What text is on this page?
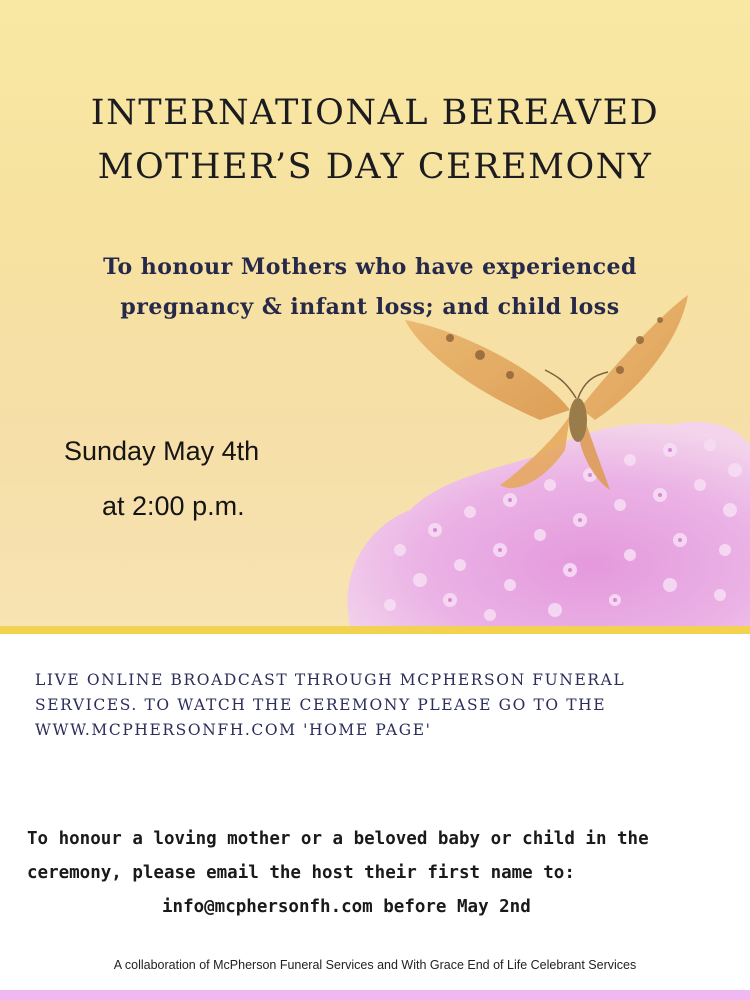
INTERNATIONAL BEREAVED
MOTHER’S DAY CEREMONY
To honour Mothers who have experienced
pregnancy & infant loss; and child loss
Sunday May 4th
at 2:00 p.m.
LIVE ONLINE BROADCAST THROUGH MCPHERSON FUNERAL
SERVICES. TO WATCH THE CEREMONY PLEASE GO TO THE
WWW.MCPHERSONFH.COM 'HOME PAGE'
To honour a loving mother or a beloved baby or child in the
ceremony, please email the host their first name to:
info@mcphersonfh.com before May 2nd
A collaboration of McPherson Funeral Services and With Grace End of Life Celebrant Services
